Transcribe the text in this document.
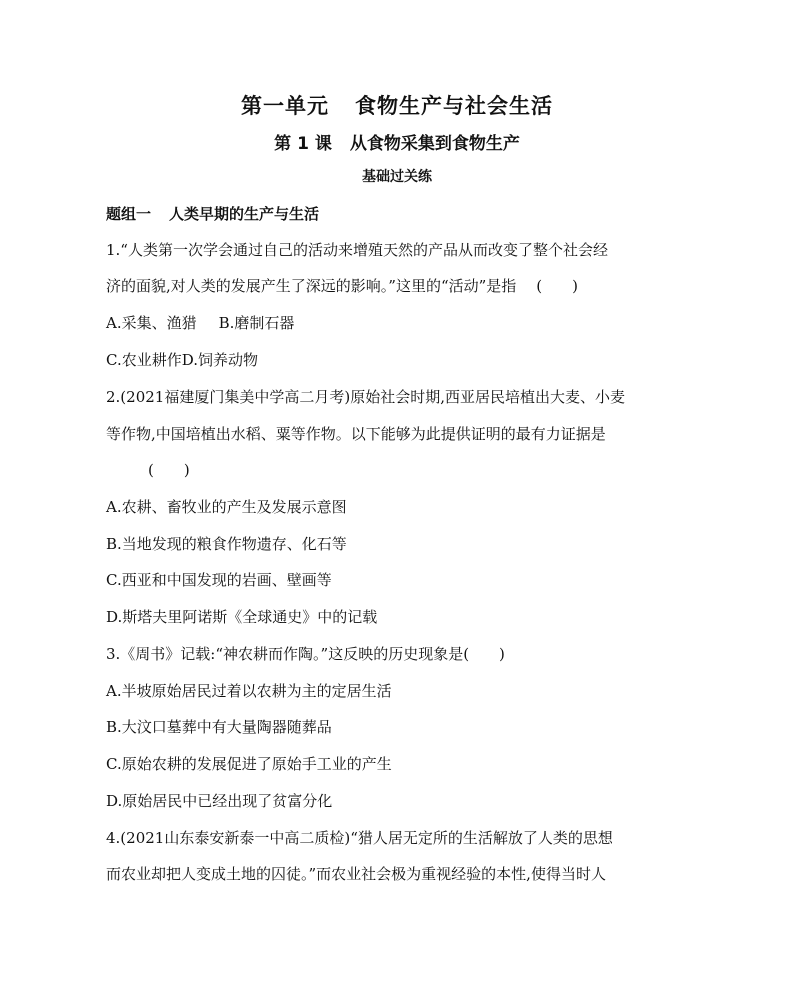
第一单元 食物生产与社会生活
第 1 课 从食物采集到食物生产
基础过关练
题组一 人类早期的生产与生活
1.“人类第一次学会通过自己的活动来增殖天然的产品从而改变了整个社会经
济的面貌,对人类的发展产生了深远的影响。”这里的“活动”是指 (　　)
A.采集、渔猎 B.磨制石器
C.农业耕作D.饲养动物
2.(2021福建厦门集美中学高二月考)原始社会时期,西亚居民培植出大麦、小麦
等作物,中国培植出水稻、粟等作物。以下能够为此提供证明的最有力证据是
(　　)
A.农耕、畜牧业的产生及发展示意图
B.当地发现的粮食作物遗存、化石等
C.西亚和中国发现的岩画、壁画等
D.斯塔夫里阿诺斯《全球通史》中的记载
3.《周书》记载:“神农耕而作陶。”这反映的历史现象是(　　)
A.半坡原始居民过着以农耕为主的定居生活
B.大汶口墓葬中有大量陶器随葬品
C.原始农耕的发展促进了原始手工业的产生
D.原始居民中已经出现了贫富分化
4.(2021山东泰安新泰一中高二质检)“猎人居无定所的生活解放了人类的思想
而农业却把人变成土地的囚徒。”而农业社会极为重视经验的本性,使得当时人
